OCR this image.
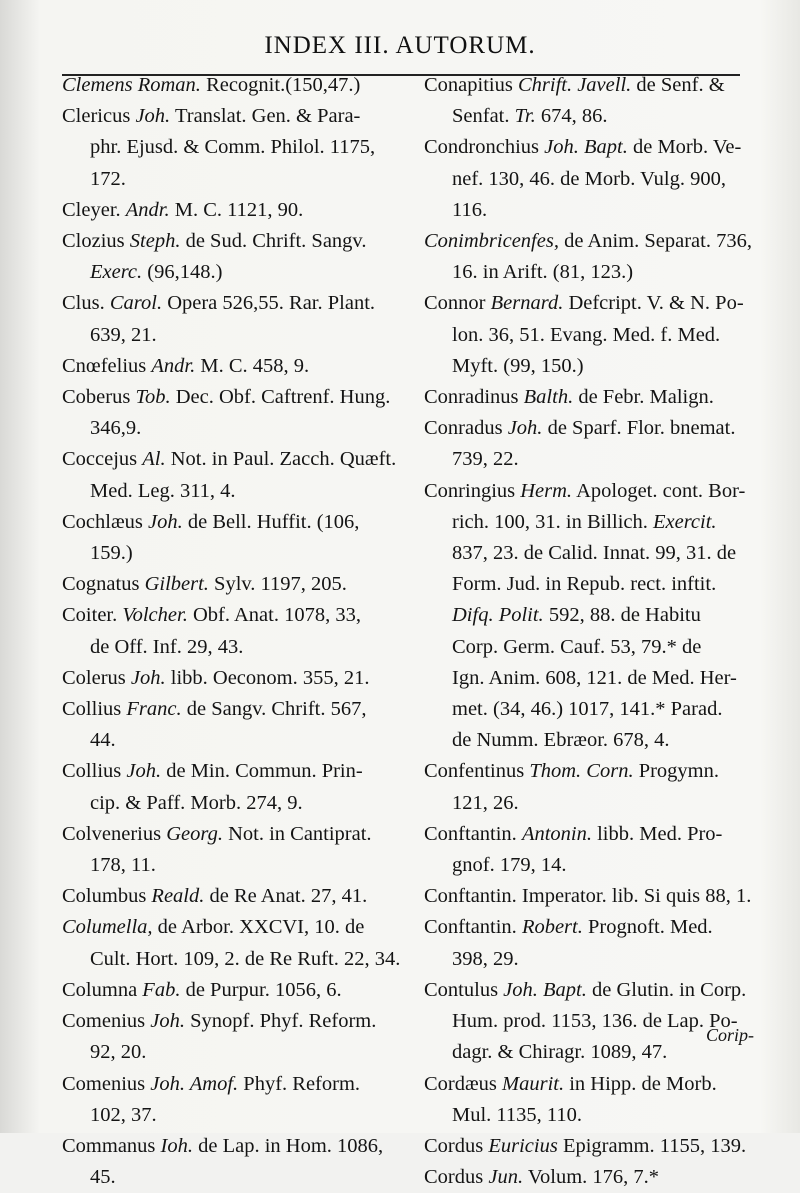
INDEX III. AUTORUM.
Clemens Roman. Recognit.(150,47.)
Clericus Joh. Translat. Gen. & Para-
phr. Ejusd. & Comm. Philol. 1175,
172.
Cleyer. Andr. M. C. 1121, 90.
Clozius Steph. de Sud. Chrift. Sangv.
Exerc. (96,148.)
Clus. Carol. Opera 526,55. Rar. Plant.
639, 21.
Cnœfelius Andr. M. C. 458, 9.
Coberus Tob. Dec. Obf. Caftrenf. Hung.
346,9.
Coccejus Al. Not. in Paul. Zacch. Quæft.
Med. Leg. 311, 4.
Cochlæus Joh. de Bell. Huffit. (106,
159.)
Cognatus Gilbert. Sylv. 1197, 205.
Coiter. Volcher. Obf. Anat. 1078, 33,
de Off. Inf. 29, 43.
Colerus Joh. libb. Oeconom. 355, 21.
Collius Franc. de Sangv. Chrift. 567,
44.
Collius Joh. de Min. Commun. Prin-
cip. & Paff. Morb. 274, 9.
Colvenerius Georg. Not. in Cantiprat.
178, 11.
Columbus Reald. de Re Anat. 27, 41.
Columella, de Arbor. XXCVI, 10. de
Cult. Hort. 109, 2. de Re Ruft. 22, 34.
Columna Fab. de Purpur. 1056, 6.
Comenius Joh. Synopf. Phyf. Reform.
92, 20.
Comenius Joh. Amof. Phyf. Reform.
102, 37.
Commanus Ioh. de Lap. in Hom. 1086,
45.
Conapitius Chrift. Javell. de Senf. &
Senfat. Tr. 674, 86.
Condronchius Joh. Bapt. de Morb. Ve-
nef. 130, 46. de Morb. Vulg. 900,
116.
Conimbricenfes, de Anim. Separat. 736,
16. in Arift. (81, 123.)
Connor Bernard. Defcript. V. & N. Po-
lon. 36, 51. Evang. Med. f. Med.
Myft. (99, 150.)
Conradinus Balth. de Febr. Malign.
Conradus Joh. de Sparf. Flor. bnemat.
739, 22.
Conringius Herm. Apologet. cont. Bor-
rich. 100, 31. in Billich. Exercit.
837, 23. de Calid. Innat. 99, 31. de
Form. Jud. in Repub. rect. inftit.
Difq. Polit. 592, 88. de Habitu
Corp. Germ. Cauf. 53, 79.* de
Ign. Anim. 608, 121. de Med. Her-
met. (34, 46.) 1017, 141.* Parad.
de Numm. Ebræor. 678, 4.
Confentinus Thom. Corn. Progymn.
121, 26.
Conftantin. Antonin. libb. Med. Pro-
gnof. 179, 14.
Conftantin. Imperator. lib. Si quis 88, 1.
Conftantin. Robert. Prognoft. Med.
398, 29.
Contulus Joh. Bapt. de Glutin. in Corp.
Hum. prod. 1153, 136. de Lap. Po-
dagr. & Chiragr. 1089, 47.
Cordæus Maurit. in Hipp. de Morb.
Mul. 1135, 110.
Cordus Euricius Epigramm. 1155, 139.
Cordus Jun. Volum. 176, 7.*
Corip-
